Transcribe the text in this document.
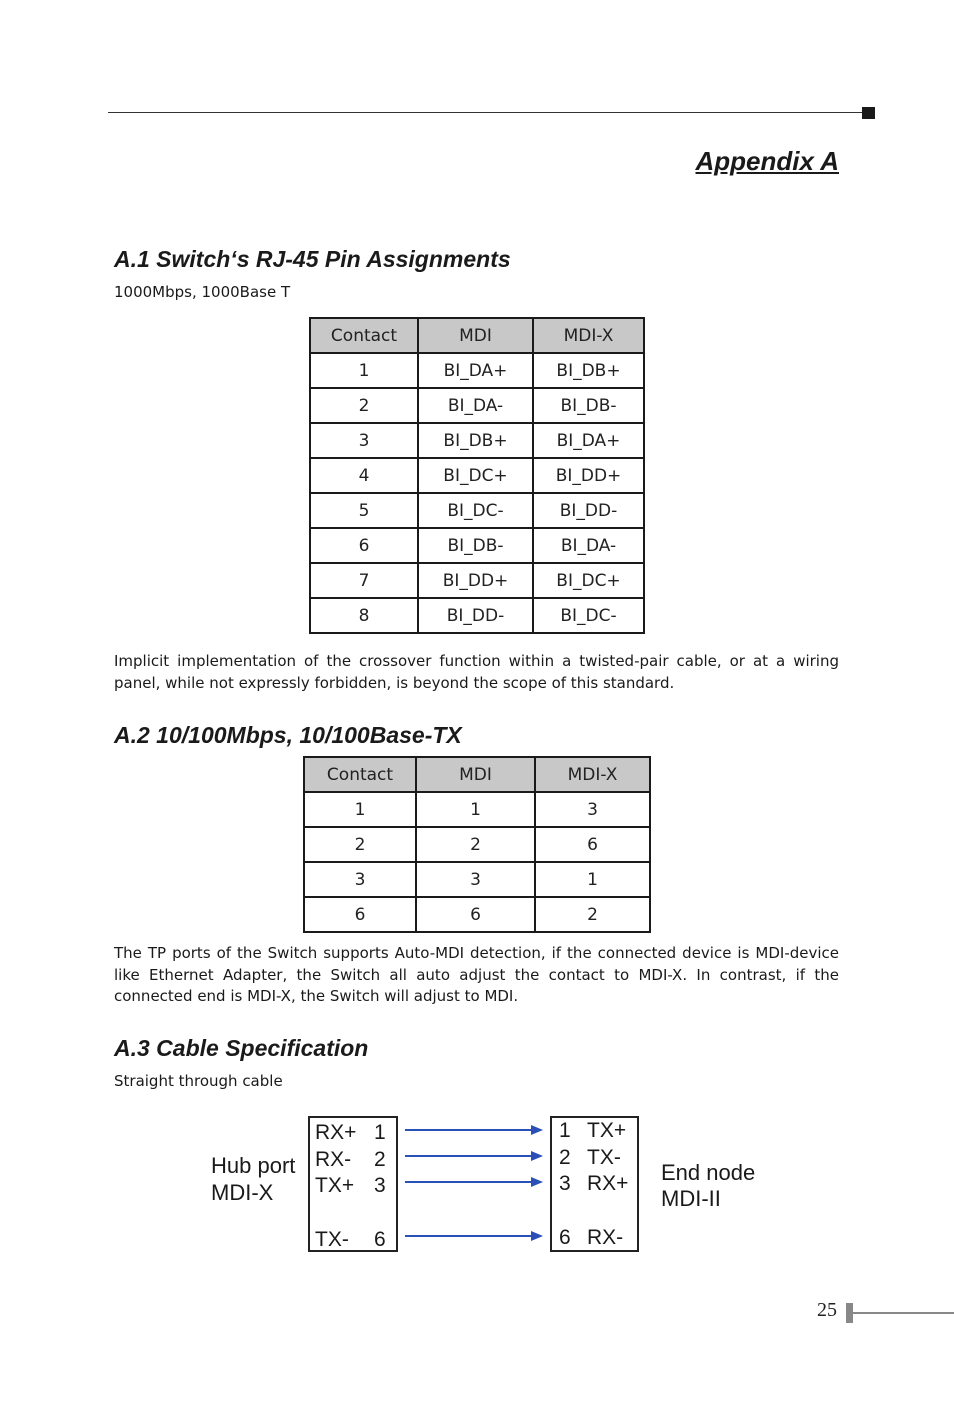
Appendix A
A.1 Switch‘s RJ-45 Pin Assignments
1000Mbps, 1000Base T
Contact	MDI	MDI-X
1	BI_DA+	BI_DB+
2	BI_DA-	BI_DB-
3	BI_DB+	BI_DA+
4	BI_DC+	BI_DD+
5	BI_DC-	BI_DD-
6	BI_DB-	BI_DA-
7	BI_DD+	BI_DC+
8	BI_DD-	BI_DC-

Implicit implementation of the crossover function within a twisted-pair cable, or at a wiring panel, while not expressly forbidden, is beyond the scope of this standard.

A.2 10/100Mbps, 10/100Base-TX
Contact	MDI	MDI-X
1	1	3
2	2	6
3	3	1
6	6	2

The TP ports of the Switch supports Auto-MDI detection, if the connected device is MDI-device like Ethernet Adapter, the Switch all auto adjust the contact to MDI-X. In contrast, if the connected end is MDI-X, the Switch will adjust to MDI.

A.3 Cable Specification
Straight through cable
Hub port
MDI-X
RX+ 1
RX- 2
TX+ 3
TX- 6
1 TX+
2 TX-
3 RX+
6 RX-
End node
MDI-II
25
